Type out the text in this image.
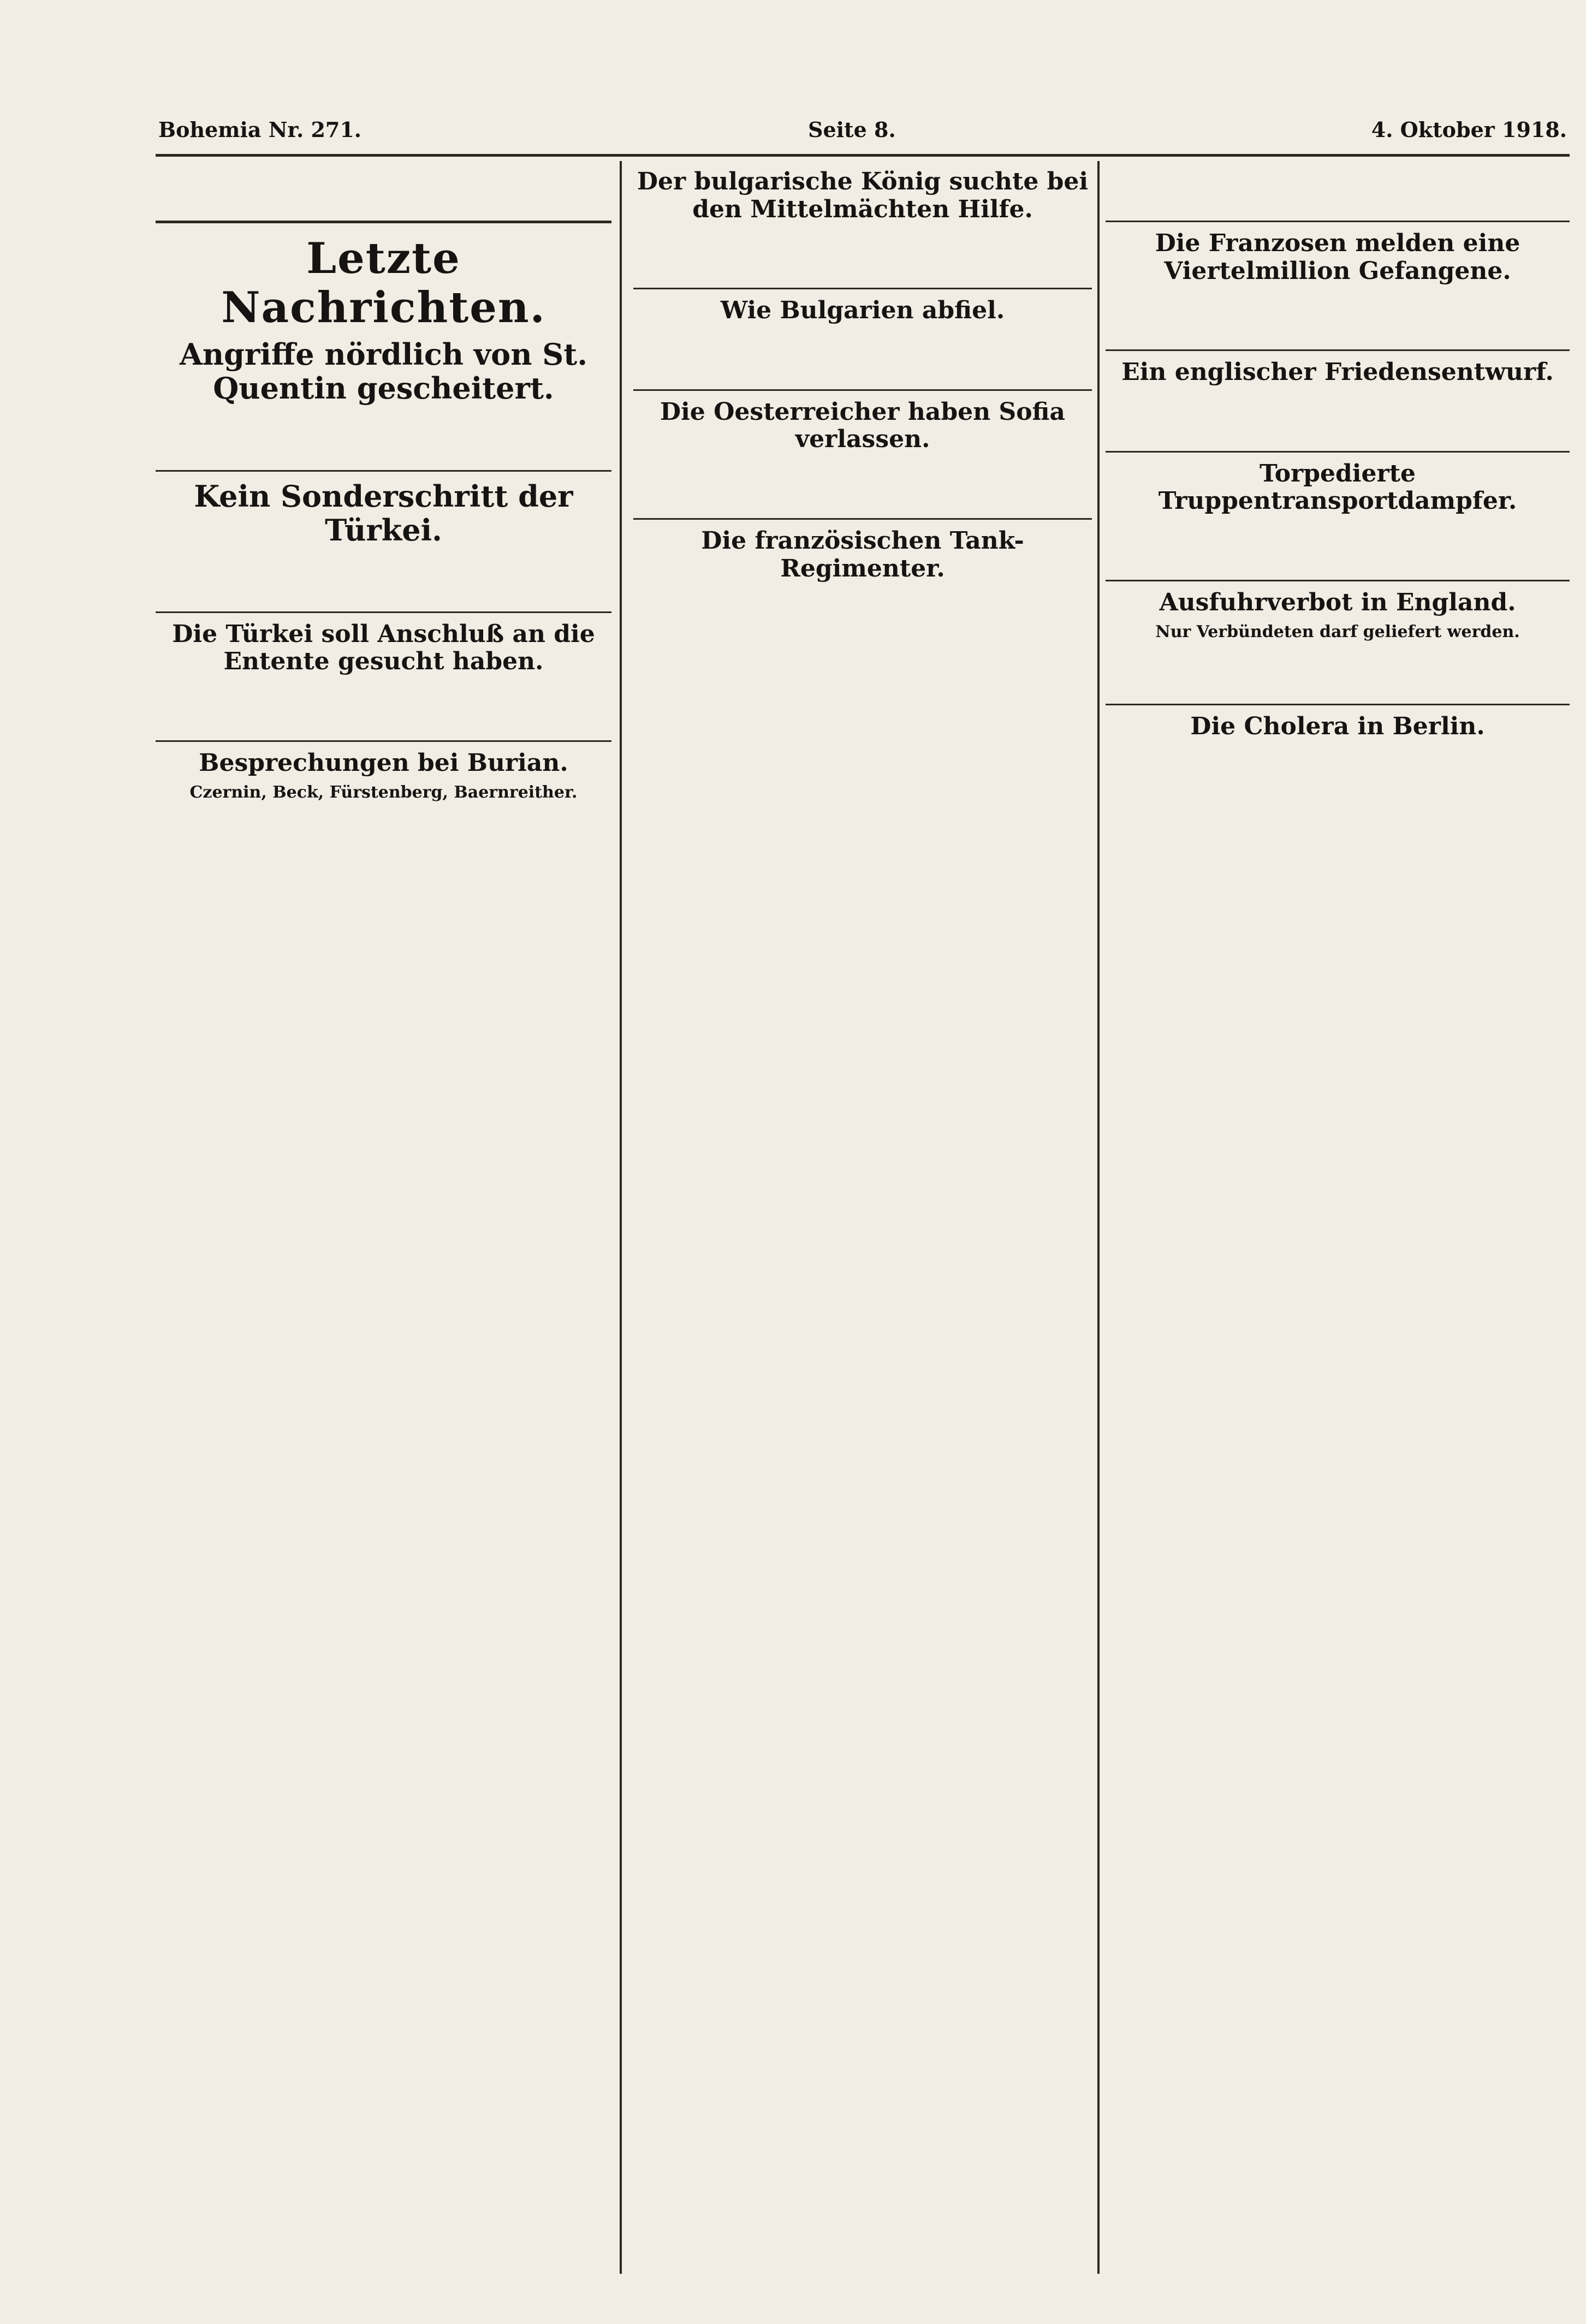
Bohemia Nr. 271.	Seite 8.	4. Oktober 1918.
Letzte Nachrichten.
Angriffe nördlich von St. Quentin gescheitert.
Kein Sonderschritt der Türkei.
Die Türkei soll Anschluß an die Entente gesucht haben.
Besprechungen bei Burian.
Czernin, Beck, Fürstenberg, Baernreither.
Der bulgarische König suchte bei den Mittelmächten Hilfe.
Wie Bulgarien abfiel.
Die Oesterreicher haben Sofia verlassen.
Die französischen Tank-Regimenter.
Die Franzosen melden eine Viertelmillion Gefangene.
Ein englischer Friedensentwurf.
Torpedierte Truppentransportdampfer.
Ausfuhrverbot in England.
Nur Verbündeten darf geliefert werden.
Die Cholera in Berlin.
